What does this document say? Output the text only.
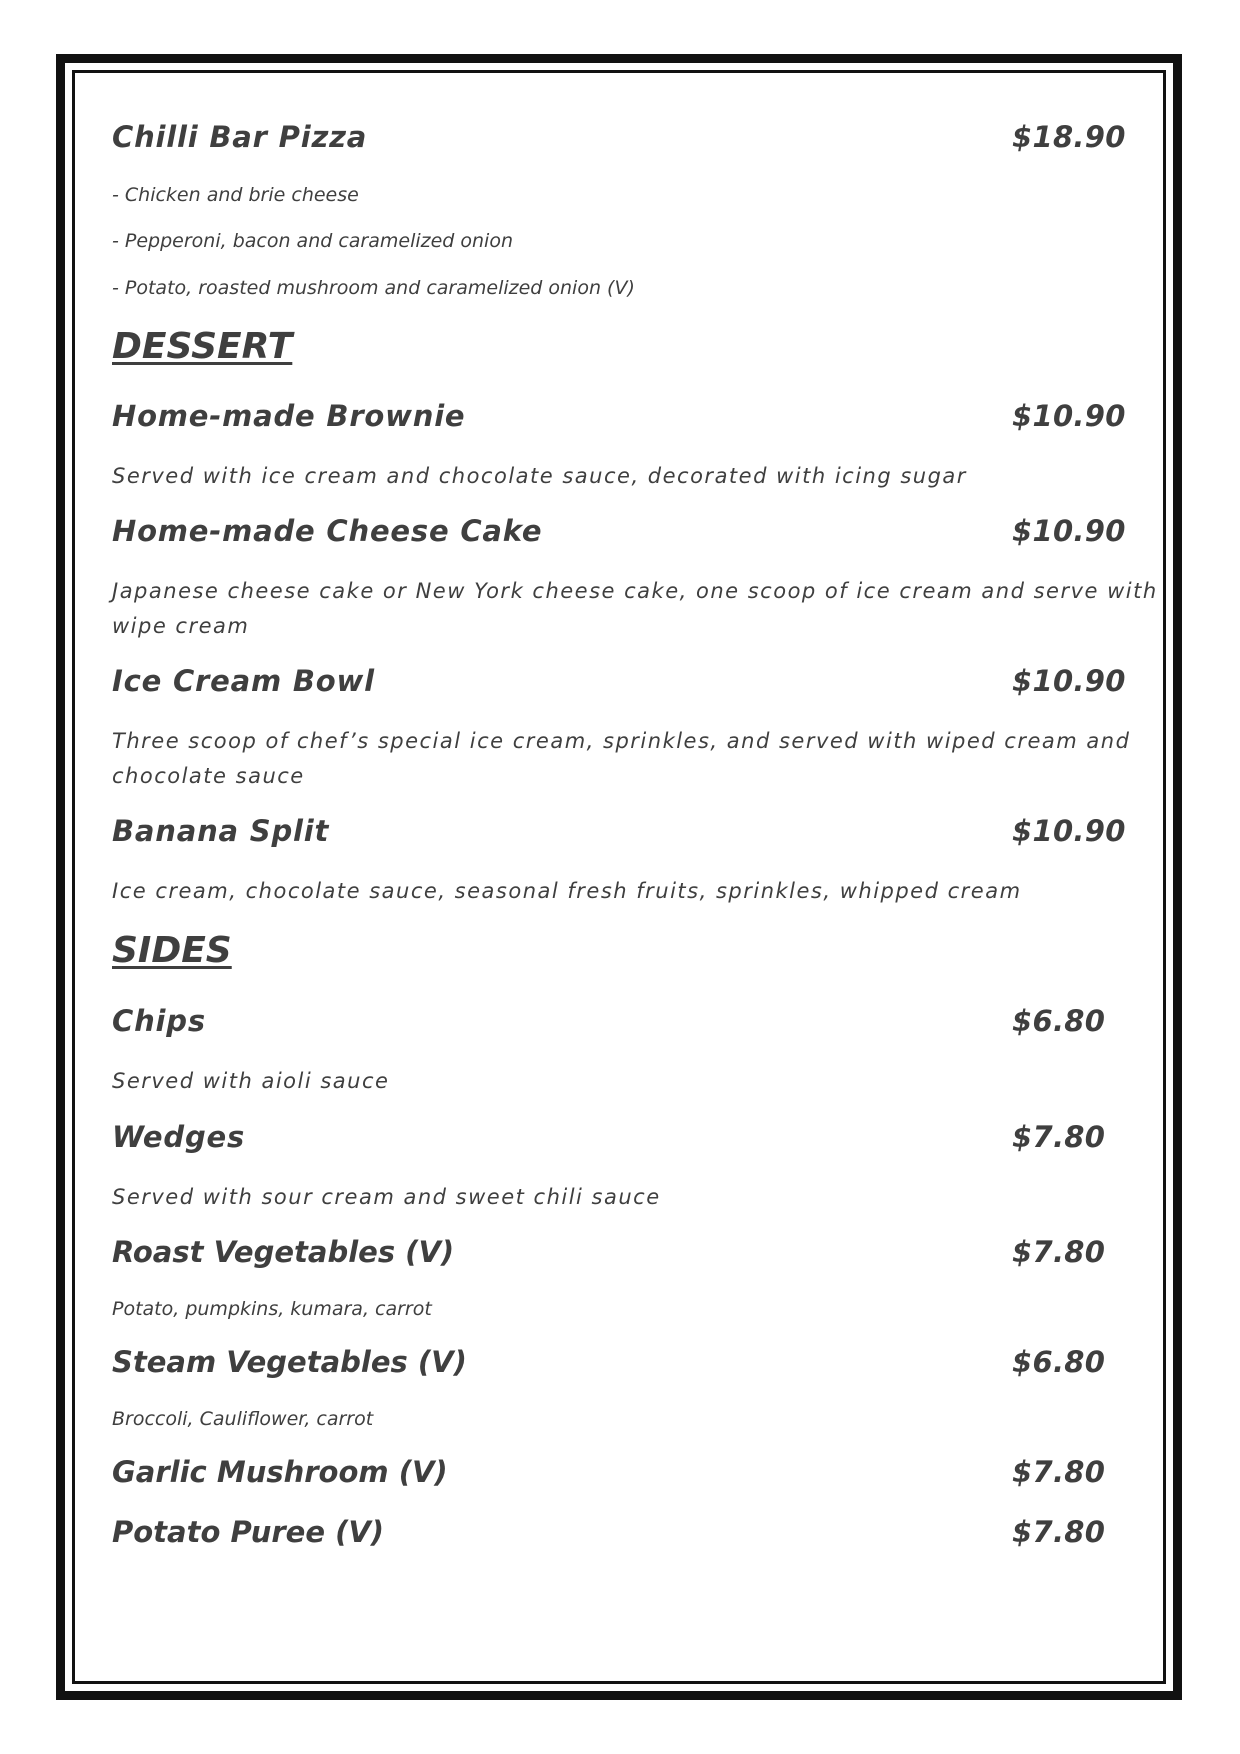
Chilli Bar Pizza	$18.90
- Chicken and brie cheese
- Pepperoni, bacon and caramelized onion
- Potato, roasted mushroom and caramelized onion (V)
DESSERT
Home-made Brownie	$10.90
Served with ice cream and chocolate sauce, decorated with icing sugar
Home-made Cheese Cake	$10.90
Japanese cheese cake or New York cheese cake, one scoop of ice cream and serve with
wipe cream
Ice Cream Bowl	$10.90
Three scoop of chef’s special ice cream, sprinkles, and served with wiped cream and
chocolate sauce
Banana Split	$10.90
Ice cream, chocolate sauce, seasonal fresh fruits, sprinkles, whipped cream
SIDES
Chips	$6.80
Served with aioli sauce
Wedges	$7.80
Served with sour cream and sweet chili sauce
Roast Vegetables (V)	$7.80
Potato, pumpkins, kumara, carrot
Steam Vegetables (V)	$6.80
Broccoli, Cauliflower, carrot
Garlic Mushroom (V)	$7.80
Potato Puree (V)	$7.80
